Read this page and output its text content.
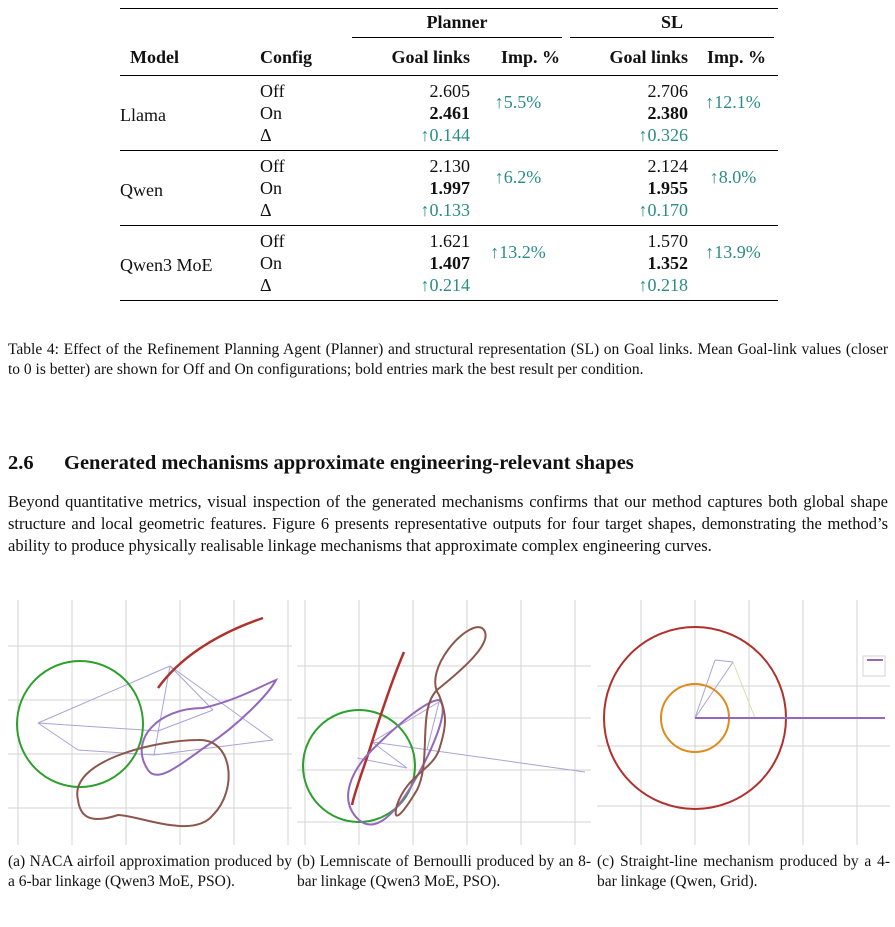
		Planner		SL	

Model	Config	Goal links	Imp. %	Goal links	Imp. %
Llama	Off	2.605	↑5.5%	2.706	↑12.1%
	On	2.461		2.380	
	Δ	↑0.144		↑0.326	
Qwen	Off	2.130	↑6.2%	2.124	↑8.0%
	On	1.997		1.955	
	Δ	↑0.133		↑0.170	
Qwen3 MoE	Off	1.621	↑13.2%	1.570	↑13.9%
	On	1.407		1.352	
	Δ	↑0.214		↑0.218	
Table 4: Effect of the Refinement Planning Agent (Planner) and structural representation (SL) on Goal links. Mean Goal-link values (closer to 0 is better) are shown for Off and On configurations; bold entries mark the best result per condition.
2.6 Generated mechanisms approximate engineering-relevant shapes
Beyond quantitative metrics, visual inspection of the generated mechanisms confirms that our method captures both global shape structure and local geometric features. Figure 6 presents representative outputs for four target shapes, demonstrating the method’s ability to produce physically realisable linkage mechanisms that approximate complex engineering curves.
(a) NACA airfoil approximation produced by a 6-bar linkage (Qwen3 MoE, PSO).
(b) Lemniscate of Bernoulli produced by an 8-bar linkage (Qwen3 MoE, PSO).
(c) Straight-line mechanism produced by a 4-bar linkage (Qwen, Grid).
